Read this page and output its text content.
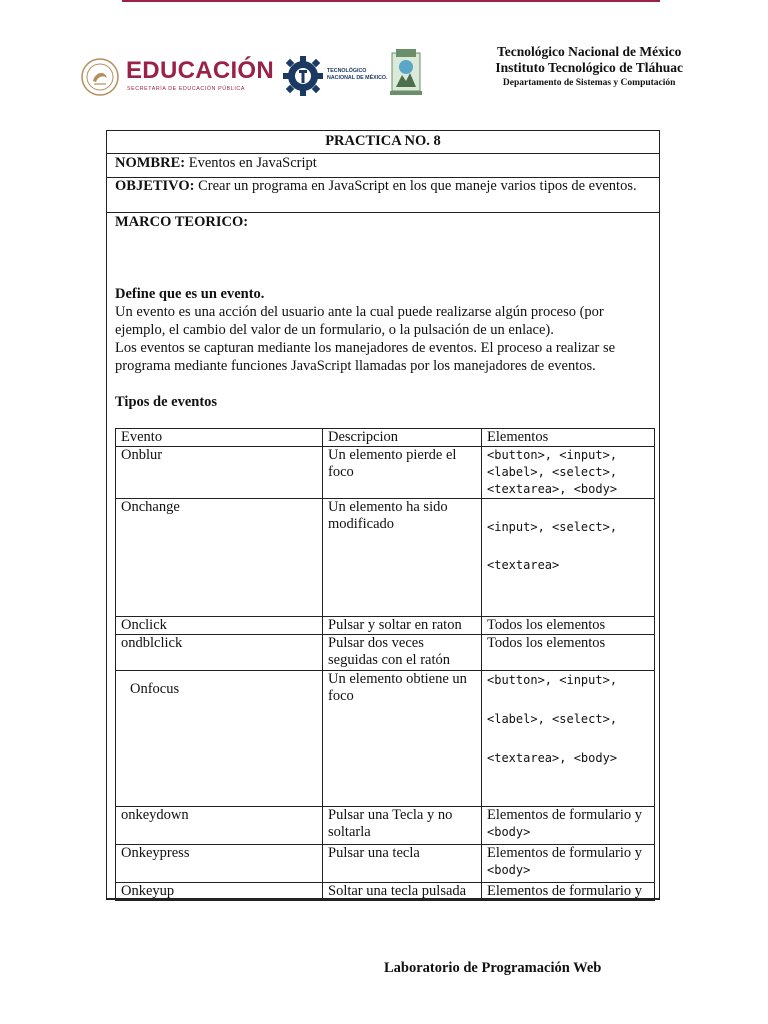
EDUCACIÓN
SECRETARÍA DE EDUCACIÓN PÚBLICA
TECNOLÓGICO
NACIONAL DE MÉXICO.
Tecnológico Nacional de México
Instituto Tecnológico de Tláhuac
Departamento de Sistemas y Computación
PRACTICA NO. 8
NOMBRE: Eventos en JavaScript
OBJETIVO: Crear un programa en JavaScript en los que maneje varios tipos de eventos.
MARCO TEORICO:
Define que es un evento.
Un evento es una acción del usuario ante la cual puede realizarse algún proceso (por ejemplo, el cambio del valor de un formulario, o la pulsación de un enlace).
Los eventos se capturan mediante los manejadores de eventos. El proceso a realizar se programa mediante funciones JavaScript llamadas por los manejadores de eventos.
Tipos de eventos
Evento	Descripcion	Elementos
Onblur	Un elemento pierde el foco	<button>, <input>,
<label>, <select>,
<textarea>, <body>
Onchange	Un elemento ha sido modificado	
<input>, <select>,

<textarea>
Onclick	Pulsar y soltar en raton	Todos los elementos
ondblclick	Pulsar dos veces seguidas con el ratón	Todos los elementos
Onfocus	Un elemento obtiene un foco	<button>, <input>,

<label>, <select>,

<textarea>, <body>
onkeydown	Pulsar una Tecla y no soltarla	Elementos de formulario y
<body>
Onkeypress	Pulsar una tecla	Elementos de formulario y
<body>
Onkeyup	Soltar una tecla pulsada	Elementos de formulario y
Laboratorio de Programación Web
